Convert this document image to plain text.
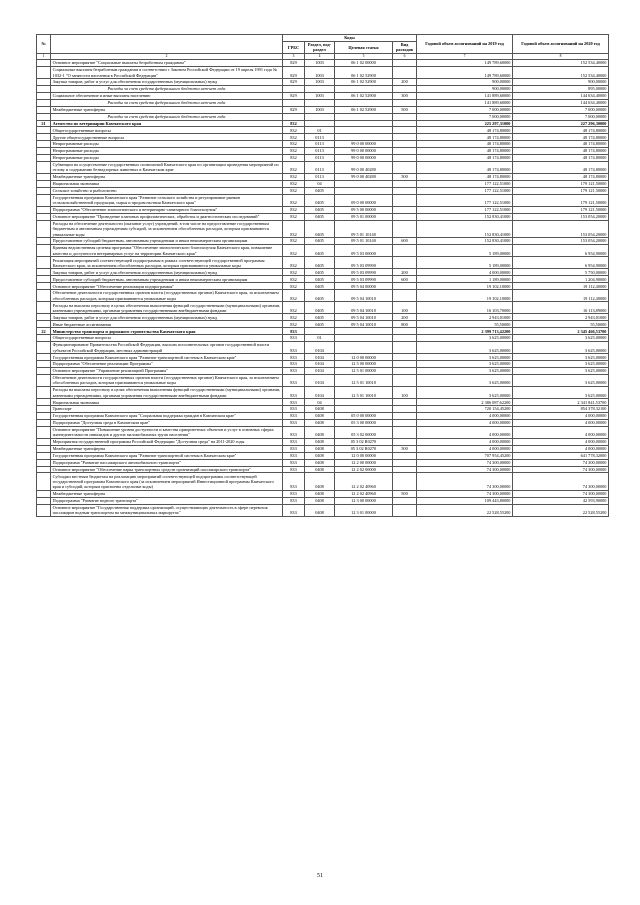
№		Коды				Годовой объем ассигнований на 2019 год	Годовой объем ассигнований на 2020 год
		ГРБС	Раздел, под-раздел	Целевая статья	Вид расходов		
1	2	3	4	5	6	7	8
	Основное мероприятие "Социальные выплаты безработным гражданам"	829	1003	06 1 02 00000		149 789,60000	152 534,40000
	Социальные выплаты безработным гражданам в соответствии с Законом Российской Федерации от 19 апреля 1991 года № 1032-1 "О занятости населения в Российской Федерации"	829	1003	06 1 02 52900		149 789,60000	152 534,40000
	Закупка товаров, работ и услуг для обеспечения государственных (муниципальных) нужд	829	1003	06 1 02 52900	200	900,00000	900,00000
	Расходы за счет средств федерального бюджета нет-нет года					900,00000	895,00000
	Социальное обеспечение и иные выплаты населению	829	1003	06 1 02 52900	300	141 889,60000	144 634,40000
	Расходы за счет средств федерального бюджета нет-нет года					141 889,60000	144 634,40000
	Межбюджетные трансферты	829	1003	06 1 02 52900	500	7 000,00000	7 000,00000
	Расходы за счет средств федерального бюджета нет-нет года					7 000,00000	7 000,00000
21	Агентство по ветеринарии Камчатского края	832				225 297,31000	227 296,30000
	Общегосударственные вопросы	832	01			48 174,80000	48 174,80000
	Другие общегосударственные вопросы	832	0113			48 174,80000	48 174,80000
	Непрограммные расходы	832	0113	99 0 00 00000		48 174,80000	48 174,80000
	Непрограммные расходы	832	0113	99 0 00 00000		48 174,80000	48 174,80000
	Непрограммные расходы	832	0113	99 0 00 00000		48 174,80000	48 174,80000
	Субвенции на осуществление государственных полномочий Камчатского края по организации проведения мероприятий по отлову и содержанию безнадзорных животных в Камчатском крае	832	0113	99 0 00 40280		48 174,80000	48 174,80000
	Межбюджетные трансферты	832	0113	99 0 00 40280	500	48 174,80000	48 174,80000
	Национальная экономика	832	04			177 122,51000	179 121,50000
	Сельское хозяйство и рыболовство	832	0405			177 122,51000	179 121,50000
	Государственная программа Камчатского края "Развитие сельского хозяйства и регулирование рынков сельскохозяйственной продукции, сырья и продовольствия Камчатского края"	832	0405	09 0 00 00000		177 122,51000	179 121,50000
	Подпрограмма "Обеспечение эпизоотического и ветеринарно-санитарного благополучия"	832	0405	09 5 00 00000		177 122,51000	179 121,50000
	Основное мероприятие "Проведение плановых профилактических, обработок и диагностических исследований"	832	0405	09 5 01 00000		152 830,41000	153 054,20000
	Расходы на обеспечение деятельности (оказание услуг) учреждений, в том числе на предоставление государственным бюджетным и автономным учреждениям субсидий, за исключением обособленных расходов, которым присваиваются уникальные коды	832	0405	09 5 01 10140		152 830,41000	153 054,20000
	Предоставление субсидий бюджетным, автономным учреждениям и иным некоммерческим организациям	832	0405	09 5 01 10140	600	152 830,41000	153 054,20000
	Краевая ведомственная целевая программа "Обеспечение эпизоотического благополучия Камчатского края, повышение качества и доступности ветеринарных услуг на территории Камчатского края"	832	0405	09 5 03 00000		5 189,00000	6 954,90000
	Реализация мероприятий соответствующей подпрограммы в рамках соответствующей государственной программы Камчатского края, за исключением обособленных расходов, которым присваиваются уникальные коды	832	0405	09 5 03 09990		5 189,00000	6 954,90000
	Закупка товаров, работ и услуг для обеспечения государственных (муниципальных) нужд	832	0405	09 5 03 09990	200	4 000,00000	5 750,00000
	Предоставление субсидий бюджетным, автономным учреждениям и иным некоммерческим организациям	832	0405	09 5 03 09990	600	1 189,00000	1 204,90000
	Основное мероприятие "Обеспечение реализации подпрограммы"	832	0405	09 5 04 00000		19 102,10000	19 112,40000
	Обеспечение деятельности государственных органов власти (государственных органов) Камчатского края, за исключением обособленных расходов, которым присваиваются уникальные коды	832	0405	09 5 04 10010		19 102,10000	19 112,40000
	Расходы на выплаты персоналу в целях обеспечения выполнения функций государственными (муниципальными) органами, казенными учреждениями, органами управления государственными внебюджетными фондами	832	0405	09 5 04 10010	100	16 103,70000	16 113,89000
	Закупка товаров, работ и услуг для обеспечения государственных (муниципальных) нужд	832	0405	09 5 04 10010	200	2 943,01000	2 943,01000
	Иные бюджетные ассигнования	832	0405	09 5 04 10010	800	55,50000	55,50000
22	Министерство транспорта и дорожного строительства Камчатского края	833				2 399 713,42200	2 345 466,53700
	Общегосударственные вопросы	833	01			3 625,00000	3 625,00000
	Функционирование Правительства Российской Федерации, высших исполнительных органов государственной власти субъектов Российской Федерации, местных администраций	833	0104			3 625,00000	3 625,00000
	Государственная программа Камчатского края "Развитие транспортной системы в Камчатском крае"	833	0104	12 0 00 00000		3 625,00000	3 625,00000
	Подпрограмма "Обеспечение реализации Программы"	833	0104	12 5 00 00000		3 625,00000	3 625,00000
	Основное мероприятие "Управление реализацией Программы"	833	0104	12 5 01 00000		3 625,00000	3 625,00000
	Обеспечение деятельности государственных органов власти (государственных органов) Камчатского края, за исключением обособленных расходов, которым присваиваются уникальные коды	833	0104	12 5 01 10010		3 625,00000	3 625,00000
	Расходы на выплаты персоналу в целях обеспечения выполнения функций государственными (муниципальными) органами, казенными учреждениями, органами управления государственными внебюджетными фондами	833	0104	12 5 01 10010	100	3 625,00000	3 625,00000
	Национальная экономика	833	04			2 386 087,62200	2 341 841,53700
	Транспорт	833	0408			720 154,45200	854 378,32100
	Государственная программа Камчатского края "Социальная поддержка граждан в Камчатском крае"	833	0408	05 0 00 00000		4 000,00000	4 000,00000
	Подпрограмма "Доступная среда в Камчатском крае"	833	0408	05 3 00 00000		4 000,00000	4 000,00000
	Основное мероприятие "Повышение уровня доступности и качества приоритетных объектов и услуг в основных сферах жизнедеятельности инвалидов и других маломобильных групп населения"	833	0408	05 3 02 00000		4 000,00000	4 000,00000
	Мероприятия государственной программы Российской Федерации "Доступная среда" на 2011-2020 годы	833	0408	05 3 02 R0270		4 000,00000	4 000,00000
	Межбюджетные трансферты	833	0408	05 3 02 R0270	500	4 000,00000	4 000,00000
	Государственная программа Камчатского края "Развитие транспортной системы в Камчатском крае"	833	0408	12 0 00 00000		707 954,45200	641 778,32000
	Подпрограмма "Развитие пассажирского автомобильного транспорта"	833	0408	12 2 00 00000		74 300,00000	74 300,00000
	Основное мероприятие "Обеспечение парка транспортных средств организаций пассажирского транспорта"	833	0408	12 2 02 00000		74 300,00000	74 300,00000
	Субсидии местным бюджетам на реализацию мероприятий соответствующей подпрограммы соответствующей государственной программы Камчатского края (за исключением мероприятий Инвестиционной программы Камчатского края и субсидий, которым присвоены отдельные коды)	833	0408	12 2 02 40960		74 300,00000	74 300,00000
	Межбюджетные трансферты	833	0408	12 2 02 40960	500	74 300,00000	74 300,00000
	Подпрограмма "Развитие водного транспорта"	833	0408	12 3 00 00000		109 443,80000	42 593,90000
	Основное мероприятие "Государственная поддержка организаций, осуществляющих деятельность в сфере перевозок пассажиров водным транспортом на межмуниципальных маршрутах"	833	0408	12 3 01 00000		22 528,55200	22 528,55200
51
